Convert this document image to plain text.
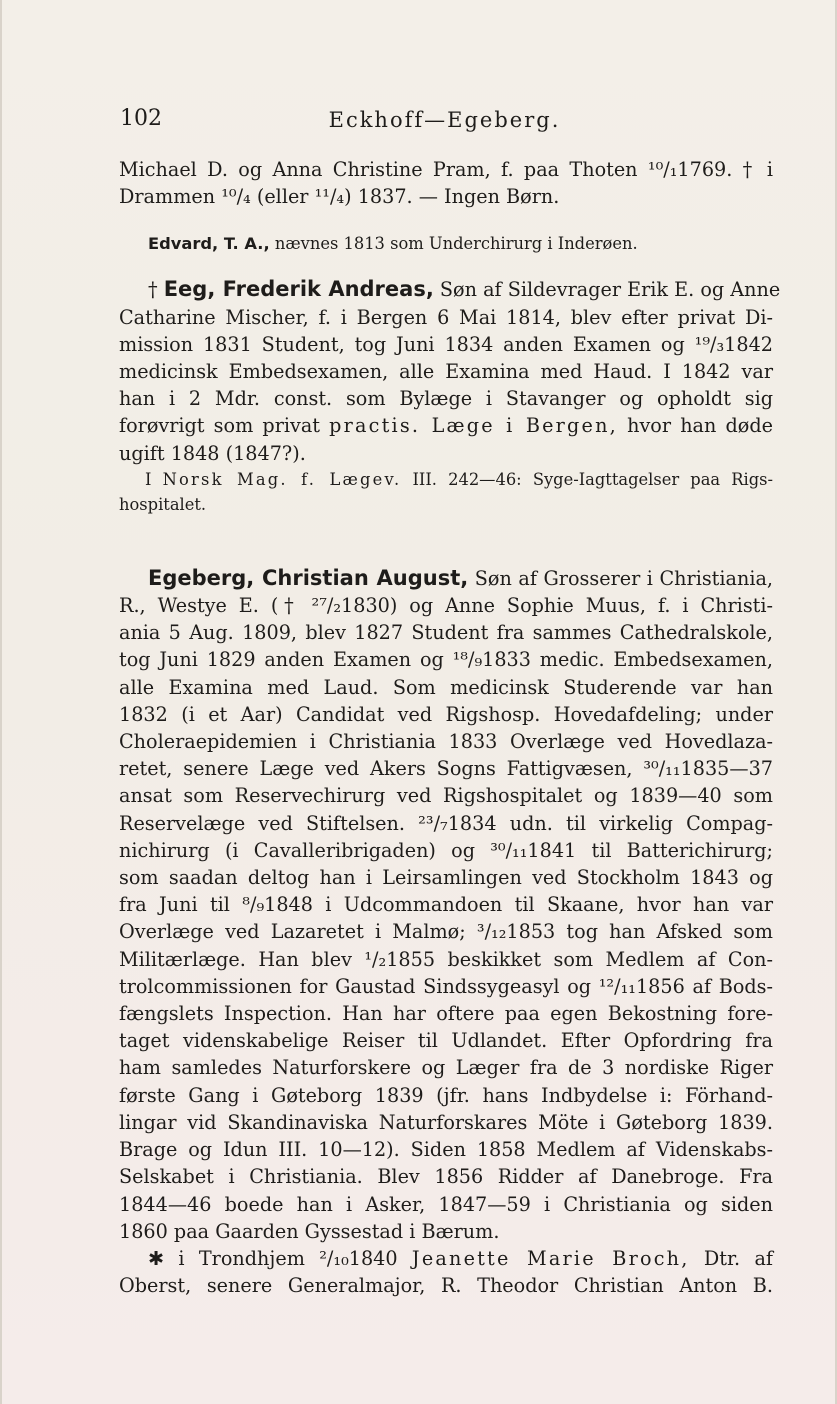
102	Eckhoff—Egeberg.
Michael D. og Anna Christine Pram, f. paa Thoten ¹⁰/₁1769. † i
Drammen ¹⁰/₄ (eller ¹¹/₄) 1837. — Ingen Børn.
Edvard, T. A., nævnes 1813 som Underchirurg i Inderøen.
† Eeg, Frederik Andreas, Søn af Sildevrager Erik E. og Anne
Catharine Mischer, f. i Bergen 6 Mai 1814, blev efter privat Di-
mission 1831 Student, tog Juni 1834 anden Examen og ¹⁹/₃1842
medicinsk Embedsexamen, alle Examina med Haud. I 1842 var
han i 2 Mdr. const. som Bylæge i Stavanger og opholdt sig
forøvrigt som privat practis. Læge i Bergen, hvor han døde
ugift 1848 (1847?).
I Norsk Mag. f. Lægev. III. 242—46: Syge-Iagttagelser paa Rigs-
hospitalet.
Egeberg, Christian August, Søn af Grosserer i Christiania,
R., Westye E. († ²⁷/₂1830) og Anne Sophie Muus, f. i Christi-
ania 5 Aug. 1809, blev 1827 Student fra sammes Cathedralskole,
tog Juni 1829 anden Examen og ¹⁸/₉1833 medic. Embedsexamen,
alle Examina med Laud. Som medicinsk Studerende var han
1832 (i et Aar) Candidat ved Rigshosp. Hovedafdeling; under
Choleraepidemien i Christiania 1833 Overlæge ved Hovedlaza-
retet, senere Læge ved Akers Sogns Fattigvæsen, ³⁰/₁₁1835—37
ansat som Reservechirurg ved Rigshospitalet og 1839—40 som
Reservelæge ved Stiftelsen. ²³/₇1834 udn. til virkelig Compag-
nichirurg (i Cavalleribrigaden) og ³⁰/₁₁1841 til Batterichirurg;
som saadan deltog han i Leirsamlingen ved Stockholm 1843 og
fra Juni til ⁸/₉1848 i Udcommandoen til Skaane, hvor han var
Overlæge ved Lazaretet i Malmø; ³/₁₂1853 tog han Afsked som
Militærlæge. Han blev ¹/₂1855 beskikket som Medlem af Con-
trolcommissionen for Gaustad Sindssygeasyl og ¹²/₁₁1856 af Bods-
fængslets Inspection. Han har oftere paa egen Bekostning fore-
taget videnskabelige Reiser til Udlandet. Efter Opfordring fra
ham samledes Naturforskere og Læger fra de 3 nordiske Riger
første Gang i Gøteborg 1839 (jfr. hans Indbydelse i: Förhand-
lingar vid Skandinaviska Naturforskares Möte i Gøteborg 1839.
Brage og Idun III. 10—12). Siden 1858 Medlem af Videnskabs-
Selskabet i Christiania. Blev 1856 Ridder af Danebroge. Fra
1844—46 boede han i Asker, 1847—59 i Christiania og siden
1860 paa Gaarden Gyssestad i Bærum.
✱ i Trondhjem ²/₁₀1840 Jeanette Marie Broch, Dtr. af
Oberst, senere Generalmajor, R. Theodor Christian Anton B.
